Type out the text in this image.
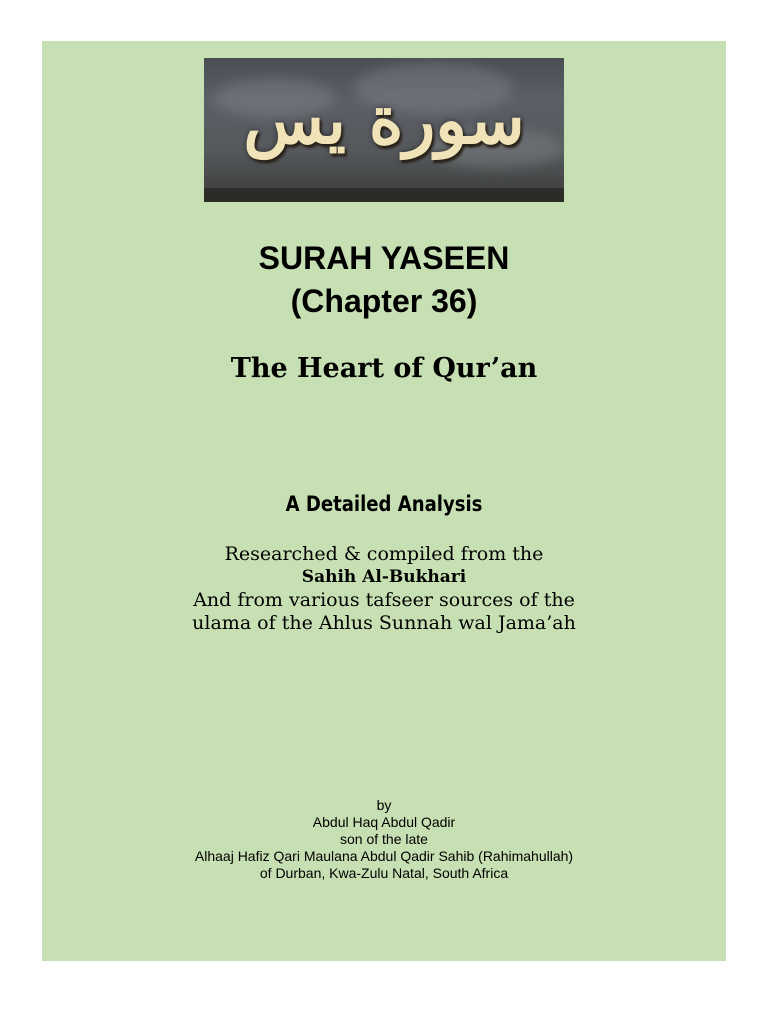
سورة يس
SURAH YASEEN
(Chapter 36)
The Heart of Qur’an
A Detailed Analysis
Researched & compiled from the
Sahih Al-Bukhari
And from various tafseer sources of the
ulama of the Ahlus Sunnah wal Jama’ah
by
Abdul Haq Abdul Qadir
son of the late
Alhaaj Hafiz Qari Maulana Abdul Qadir Sahib (Rahimahullah)
of Durban, Kwa-Zulu Natal, South Africa
